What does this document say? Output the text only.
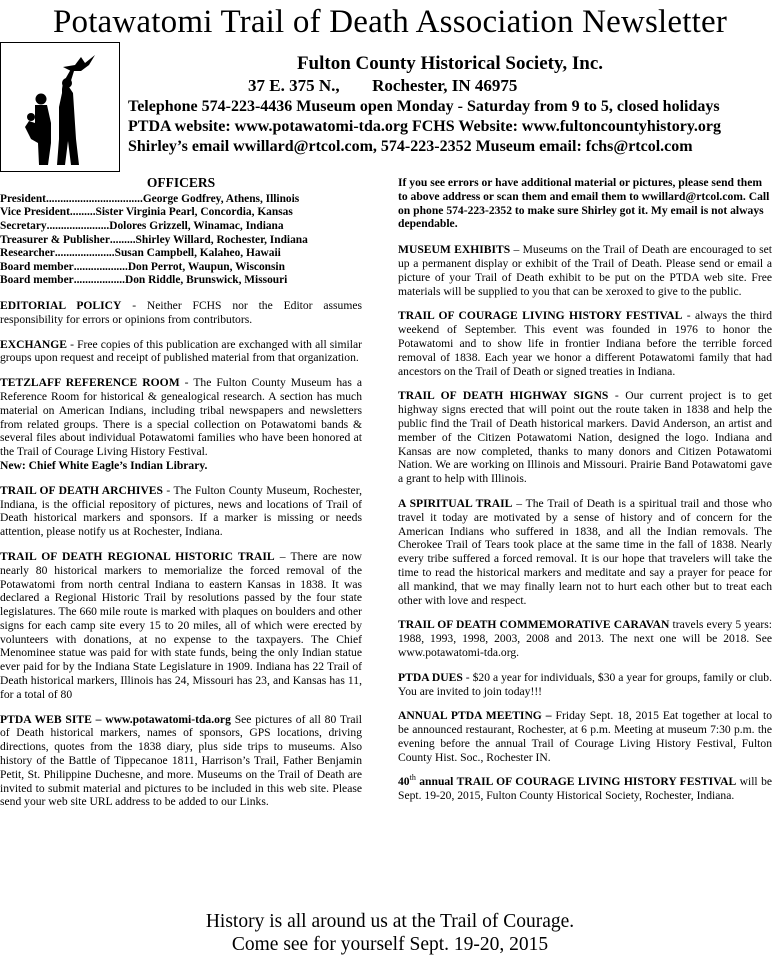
Potawatomi Trail of Death Association Newsletter
Fulton County Historical Society, Inc.
37 E. 375 N., Rochester, IN 46975
Telephone 574-223-4436 Museum open Monday - Saturday from 9 to 5, closed holidays
PTDA website: www.potawatomi-tda.org FCHS Website: www.fultoncountyhistory.org
Shirley’s email wwillard@rtcol.com, 574-223-2352 Museum email: fchs@rtcol.com
OFFICERS
President .................................. George Godfrey, Athens, Illinois
Vice President ......... Sister Virginia Pearl, Concordia, Kansas
Secretary ...................... Dolores Grizzell, Winamac, Indiana
Treasurer & Publisher ......... Shirley Willard, Rochester, Indiana
Researcher ..................... Susan Campbell, Kalaheo, Hawaii
Board member ................... Don Perrot, Waupun, Wisconsin
Board member .................. Don Riddle, Brunswick, Missouri
EDITORIAL POLICY - Neither FCHS nor the Editor assumes responsibility for errors or opinions from contributors.
EXCHANGE - Free copies of this publication are exchanged with all similar groups upon request and receipt of published material from that organization.
TETZLAFF REFERENCE ROOM - The Fulton County Museum has a Reference Room for historical & genealogical research. A section has much material on American Indians, including tribal newspapers and newsletters from related groups. There is a special collection on Potawatomi bands & several files about individual Potawatomi families who have been honored at the Trail of Courage Living History Festival.
New: Chief White Eagle’s Indian Library.
TRAIL OF DEATH ARCHIVES - The Fulton County Museum, Rochester, Indiana, is the official repository of pictures, news and locations of Trail of Death historical markers and sponsors. If a marker is missing or needs attention, please notify us at Rochester, Indiana.
TRAIL OF DEATH REGIONAL HISTORIC TRAIL – There are now nearly 80 historical markers to memorialize the forced removal of the Potawatomi from north central Indiana to eastern Kansas in 1838. It was declared a Regional Historic Trail by resolutions passed by the four state legislatures. The 660 mile route is marked with plaques on boulders and other signs for each camp site every 15 to 20 miles, all of which were erected by volunteers with donations, at no expense to the taxpayers. The Chief Menominee statue was paid for with state funds, being the only Indian statue ever paid for by the Indiana State Legislature in 1909. Indiana has 22 Trail of Death historical markers, Illinois has 24, Missouri has 23, and Kansas has 11, for a total of 80
PTDA WEB SITE – www.potawatomi-tda.org See pictures of all 80 Trail of Death historical markers, names of sponsors, GPS locations, driving directions, quotes from the 1838 diary, plus side trips to museums. Also history of the Battle of Tippecanoe 1811, Harrison’s Trail, Father Benjamin Petit, St. Philippine Duchesne, and more. Museums on the Trail of Death are invited to submit material and pictures to be included in this web site. Please send your web site URL address to be added to our Links.
If you see errors or have additional material or pictures, please send them to above address or scan them and email them to wwillard@rtcol.com. Call on phone 574-223-2352 to make sure Shirley got it. My email is not always dependable.
MUSEUM EXHIBITS – Museums on the Trail of Death are encouraged to set up a permanent display or exhibit of the Trail of Death. Please send or email a picture of your Trail of Death exhibit to be put on the PTDA web site. Free materials will be supplied to you that can be xeroxed to give to the public.
TRAIL OF COURAGE LIVING HISTORY FESTIVAL - always the third weekend of September. This event was founded in 1976 to honor the Potawatomi and to show life in frontier Indiana before the terrible forced removal of 1838. Each year we honor a different Potawatomi family that had ancestors on the Trail of Death or signed treaties in Indiana.
TRAIL OF DEATH HIGHWAY SIGNS - Our current project is to get highway signs erected that will point out the route taken in 1838 and help the public find the Trail of Death historical markers. David Anderson, an artist and member of the Citizen Potawatomi Nation, designed the logo. Indiana and Kansas are now completed, thanks to many donors and Citizen Potawatomi Nation. We are working on Illinois and Missouri. Prairie Band Potawatomi gave a grant to help with Illinois.
A SPIRITUAL TRAIL – The Trail of Death is a spiritual trail and those who travel it today are motivated by a sense of history and of concern for the American Indians who suffered in 1838, and all the Indian removals. The Cherokee Trail of Tears took place at the same time in the fall of 1838. Nearly every tribe suffered a forced removal. It is our hope that travelers will take the time to read the historical markers and meditate and say a prayer for peace for all mankind, that we may finally learn not to hurt each other but to treat each other with love and respect.
TRAIL OF DEATH COMMEMORATIVE CARAVAN travels every 5 years: 1988, 1993, 1998, 2003, 2008 and 2013. The next one will be 2018. See www.potawatomi-tda.org.
PTDA DUES - $20 a year for individuals, $30 a year for groups, family or club. You are invited to join today!!!
ANNUAL PTDA MEETING – Friday Sept. 18, 2015 Eat together at local to be announced restaurant, Rochester, at 6 p.m. Meeting at museum 7:30 p.m. the evening before the annual Trail of Courage Living History Festival, Fulton County Hist. Soc., Rochester IN.
40th annual TRAIL OF COURAGE LIVING HISTORY FESTIVAL will be Sept. 19-20, 2015, Fulton County Historical Society, Rochester, Indiana.
History is all around us at the Trail of Courage.
Come see for yourself Sept. 19-20, 2015
